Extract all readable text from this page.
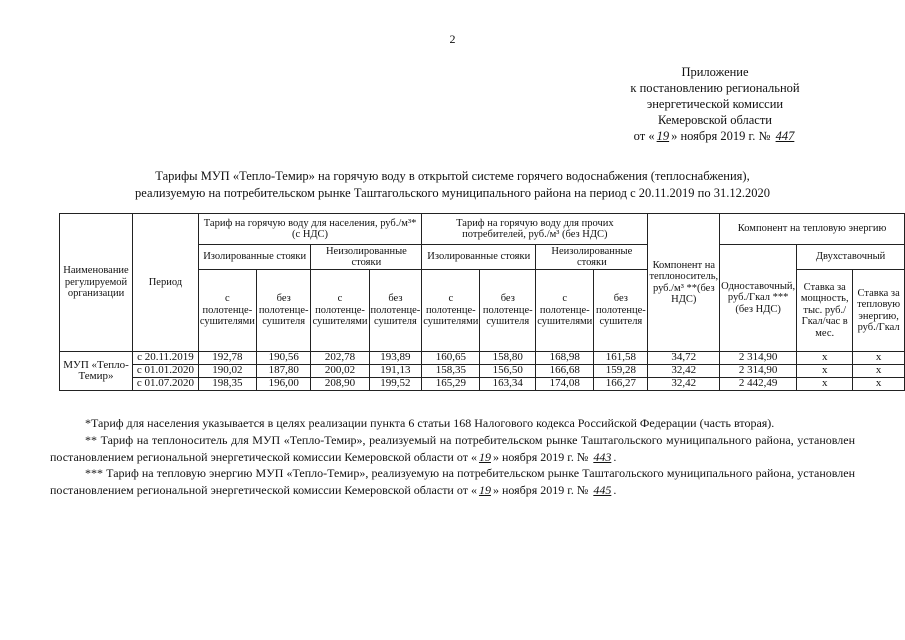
2
Приложение
к постановлению региональной
энергетической комиссии
Кемеровской области
от « 19 » ноября 2019 г. № 447
Тарифы МУП «Тепло-Темир» на горячую воду в открытой системе горячего водоснабжения (теплоснабжения),
реализуемую на потребительском рынке Таштагольского муниципального района на период с 20.11.2019 по 31.12.2020
Наименование регулируемой организации	Период	Тариф на горячую воду для населения, руб./м³* (с НДС)				Тариф на горячую воду для прочих потребителей, руб./м³ (без НДС)				Компонент на теплоноситель, руб./м³ **(без НДС)	Компонент на тепловую энергию		
		Изолированные стояки		Неизолированные стояки		Изолированные стояки		Неизолированные стояки			Одноставочный, руб./Гкал *** (без НДС)	Двухставочный	
		с полотенце-сушителями	без полотенце-сушителя	с полотенце-сушителями	без полотенце-сушителя	с полотенце-сушителями	без полотенце-сушителя	с полотенце-сушителями	без полотенце-сушителя			Ставка за мощность, тыс. руб./Гкал/час в мес.	Ставка за тепловую энергию, руб./Гкал
МУП «Тепло-Темир»	с 20.11.2019	192,78	190,56	202,78	193,89	160,65	158,80	168,98	161,58	34,72	2 314,90	х	х
	с 01.01.2020	190,02	187,80	200,02	191,13	158,35	156,50	166,68	159,28	32,42	2 314,90	х	х
	с 01.07.2020	198,35	196,00	208,90	199,52	165,29	163,34	174,08	166,27	32,42	2 442,49	х	х

*Тариф для населения указывается в целях реализации пункта 6 статьи 168 Налогового кодекса Российской Федерации (часть вторая).

** Тариф на теплоноситель для МУП «Тепло-Темир», реализуемый на потребительском рынке Таштагольского муниципального района, установлен постановлением региональной энергетической комиссии Кемеровской области от « 19 » ноября 2019 г. № 443 .

*** Тариф на тепловую энергию МУП «Тепло-Темир», реализуемую на потребительском рынке Таштагольского муниципального района, установлен постановлением региональной энергетической комиссии Кемеровской области от « 19 » ноября 2019 г. № 445 .
